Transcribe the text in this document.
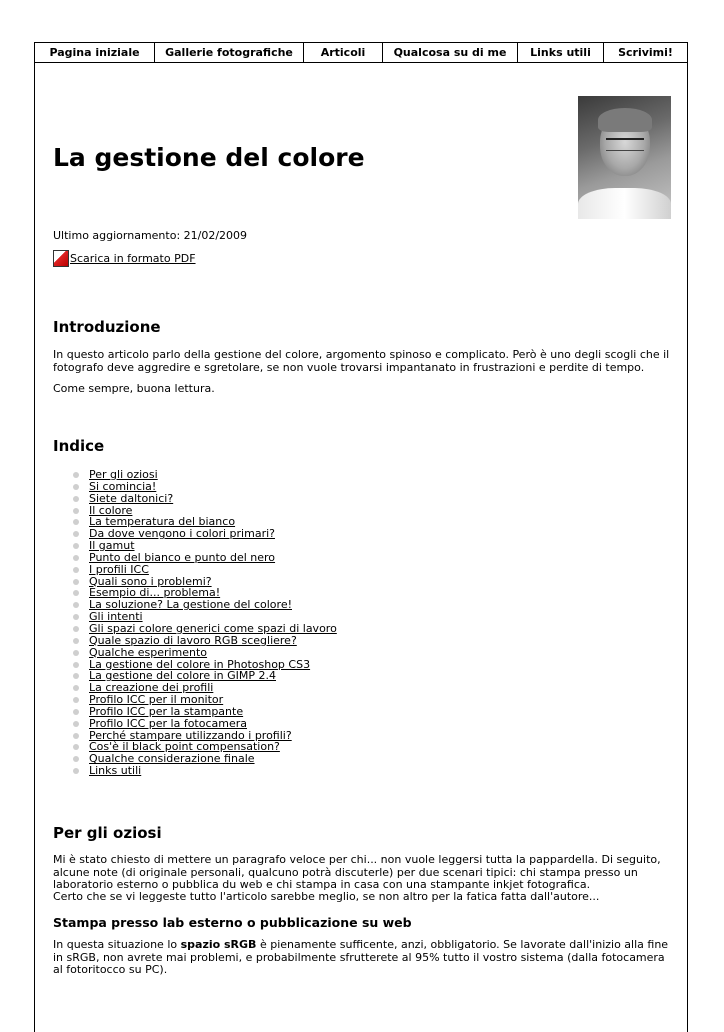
Pagina iniziale	Gallerie fotografiche	Articoli	Qualcosa su di me	Links utili	Scrivimi!
La gestione del colore
Ultimo aggiornamento: 21/02/2009
Scarica in formato PDF
Introduzione

In questo articolo parlo della gestione del colore, argomento spinoso e complicato. Però è uno degli scogli che il fotografo deve aggredire e sgretolare, se non vuole trovarsi impantanato in frustrazioni e perdite di tempo.

Come sempre, buona lettura.

Indice
Per gli oziosi
Si comincia!
Siete daltonici?
Il colore
La temperatura del bianco
Da dove vengono i colori primari?
Il gamut
Punto del bianco e punto del nero
I profili ICC
Quali sono i problemi?
Esempio di... problema!
La soluzione? La gestione del colore!
Gli intenti
Gli spazi colore generici come spazi di lavoro
Quale spazio di lavoro RGB scegliere?
Qualche esperimento
La gestione del colore in Photoshop CS3
La gestione del colore in GIMP 2.4
La creazione dei profili
Profilo ICC per il monitor
Profilo ICC per la stampante
Profilo ICC per la fotocamera
Perché stampare utilizzando i profili?
Cos'è il black point compensation?
Qualche considerazione finale
Links utili
Per gli oziosi

Mi è stato chiesto di mettere un paragrafo veloce per chi... non vuole leggersi tutta la pappardella. Di seguito, alcune note (di originale personali, qualcuno potrà discuterle) per due scenari tipici: chi stampa presso un laboratorio esterno o pubblica du web e chi stampa in casa con una stampante inkjet fotografica.

Certo che se vi leggeste tutto l'articolo sarebbe meglio, se non altro per la fatica fatta dall'autore...

Stampa presso lab esterno o pubblicazione su web

In questa situazione lo spazio sRGB è pienamente sufficente, anzi, obbligatorio. Se lavorate dall'inizio alla fine in sRGB, non avrete mai problemi, e probabilmente sfrutterete al 95% tutto il vostro sistema (dalla fotocamera al fotoritocco su PC).
